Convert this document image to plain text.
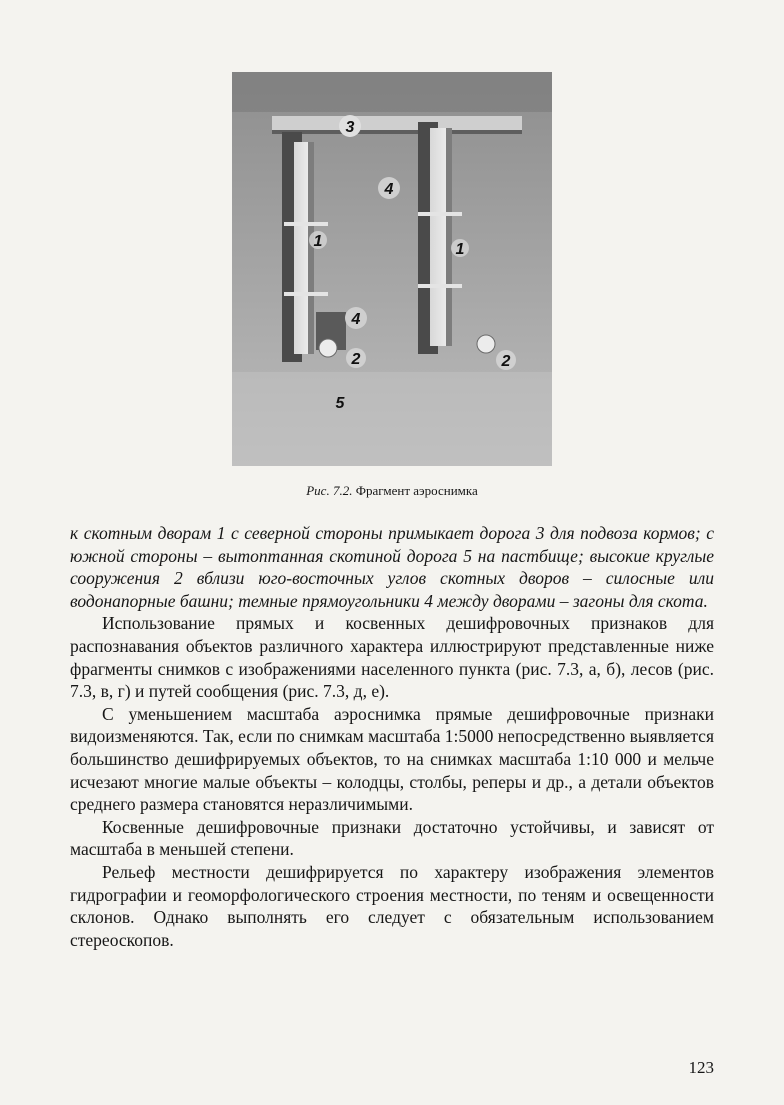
1	1
2	2
3
4
4
5
Рис. 7.2. Фрагмент аэроснимка

к скотным дворам 1 с северной стороны примыкает дорога 3 для подвоза кормов; с южной стороны – вытоптанная скотиной дорога 5 на пастбище; высокие круглые сооружения 2 вблизи юго-восточных углов скотных дворов – силосные или водонапорные башни; темные прямоугольники 4 между дворами – загоны для скота.

Использование прямых и косвенных дешифровочных признаков для распознавания объектов различного характера иллюстрируют представленные ниже фрагменты снимков с изображениями населенного пункта (рис. 7.3, а, б), лесов (рис. 7.3, в, г) и путей сообщения (рис. 7.3, д, е).

С уменьшением масштаба аэроснимка прямые дешифровочные признаки видоизменяются. Так, если по снимкам масштаба 1:5000 непосредственно выявляется большинство дешифрируемых объектов, то на снимках масштаба 1:10 000 и мельче исчезают многие малые объекты – колодцы, столбы, реперы и др., а детали объектов среднего размера становятся неразличимыми.

Косвенные дешифровочные признаки достаточно устойчивы, и зависят от масштаба в меньшей степени.

Рельеф местности дешифрируется по характеру изображения элементов гидрографии и геоморфологического строения местности, по теням и освещенности склонов. Однако выполнять его следует с обязательным использованием стереоскопов.

123
